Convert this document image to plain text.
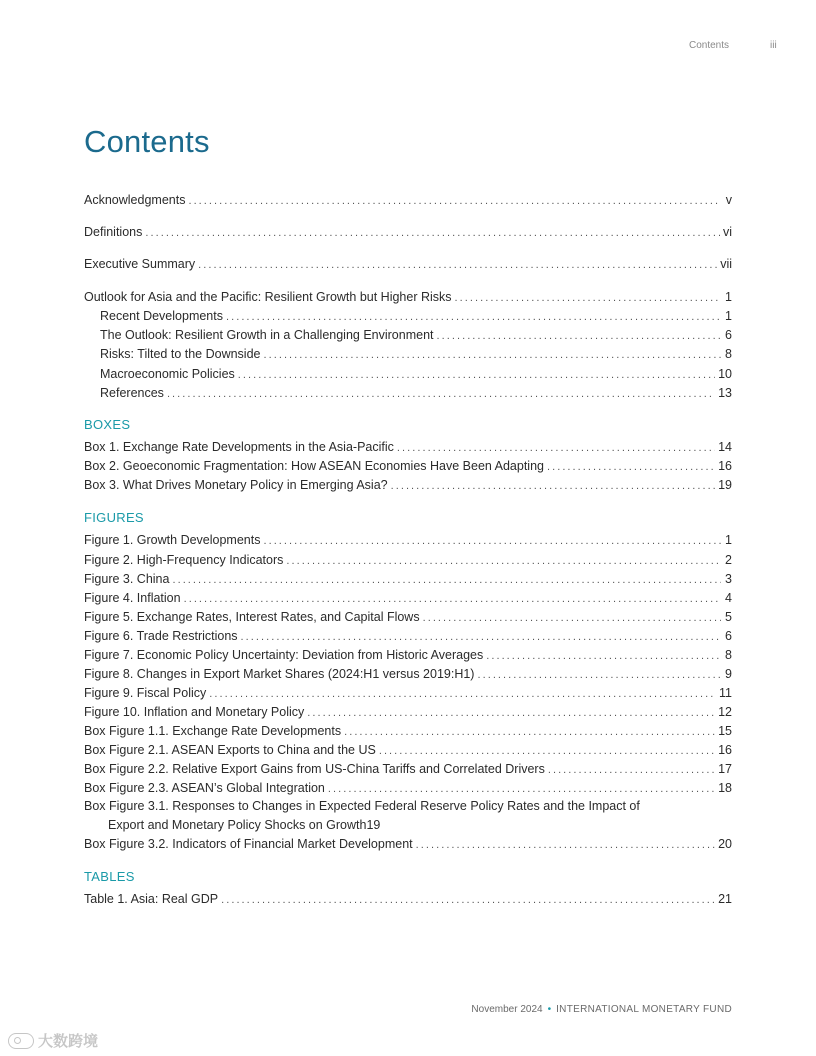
Contents	iii
Contents
Acknowledgments . . .	v
Definitions . . .	vi
Executive Summary . . .	vii
Outlook for Asia and the Pacific: Resilient Growth but Higher Risks . . .	1
Recent Developments . . .	1
The Outlook: Resilient Growth in a Challenging Environment . . .	6
Risks: Tilted to the Downside . . .	8
Macroeconomic Policies . . .	10
References . . .	13
BOXES
Box 1. Exchange Rate Developments in the Asia-Pacific . . .	14
Box 2. Geoeconomic Fragmentation: How ASEAN Economies Have Been Adapting . . .	16
Box 3. What Drives Monetary Policy in Emerging Asia? . . .	19
FIGURES
Figure 1. Growth Developments . . .	1
Figure 2. High-Frequency Indicators . . .	2
Figure 3. China . . .	3
Figure 4. Inflation . . .	4
Figure 5. Exchange Rates, Interest Rates, and Capital Flows . . .	5
Figure 6. Trade Restrictions . . .	6
Figure 7. Economic Policy Uncertainty: Deviation from Historic Averages . . .	8
Figure 8. Changes in Export Market Shares (2024:H1 versus 2019:H1) . . .	9
Figure 9. Fiscal Policy . . .	11
Figure 10. Inflation and Monetary Policy . . .	12
Box Figure 1.1. Exchange Rate Developments . . .	15
Box Figure 2.1. ASEAN Exports to China and the US . . .	16
Box Figure 2.2. Relative Export Gains from US-China Tariffs and Correlated Drivers . . .	17
Box Figure 2.3. ASEAN’s Global Integration . . .	18
Box Figure 3.1. Responses to Changes in Expected Federal Reserve Policy Rates and the Impact of
Export and Monetary Policy Shocks on Growth 19
Box Figure 3.2. Indicators of Financial Market Development . . .	20
TABLES
Table 1. Asia: Real GDP . . .	21
November 2024 • INTERNATIONAL MONETARY FUND
大数跨境
